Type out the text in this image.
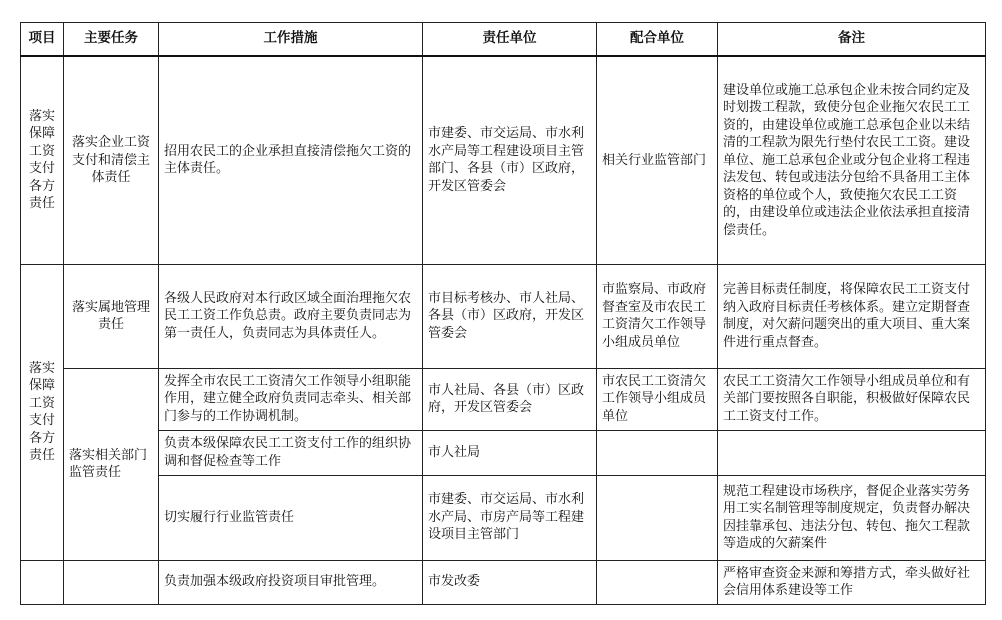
项目	主要任务	工作措施	责任单位	配合单位	备注
落实保障工资支付各方责任	落实企业工资支付和清偿主体责任	招用农民工的企业承担直接清偿拖欠工资的主体责任。	市建委、市交运局、市水利水产局等工程建设项目主管部门、各县（市）区政府，开发区管委会	相关行业监管部门	建设单位或施工总承包企业未按合同约定及时划拨工程款，致使分包企业拖欠农民工工资的，由建设单位或施工总承包企业以未结清的工程款为限先行垫付农民工工资。建设单位、施工总承包企业或分包企业将工程违法发包、转包或违法分包给不具备用工主体资格的单位或个人，致使拖欠农民工工资的，由建设单位或违法企业依法承担直接清偿责任。
落实保障工资支付各方责任	落实属地管理责任	各级人民政府对本行政区域全面治理拖欠农民工工资工作负总责。政府主要负责同志为第一责任人，负责同志为具体责任人。	市目标考核办、市人社局、各县（市）区政府，开发区管委会	市监察局、市政府督查室及市农民工工资清欠工作领导小组成员单位	完善目标责任制度，将保障农民工工资支付纳入政府目标责任考核体系。建立定期督查制度，对欠薪问题突出的重大项目、重大案件进行重点督查。
	落实相关部门监管责任	发挥全市农民工工资清欠工作领导小组职能作用，建立健全政府负责同志牵头、相关部门参与的工作协调机制。	市人社局、各县（市）区政府，开发区管委会	市农民工工资清欠工作领导小组成员单位	农民工工资清欠工作领导小组成员单位和有关部门要按照各自职能，积极做好保障农民工工资支付工作。
		负责本级保障农民工工资支付工作的组织协调和督促检查等工作	市人社局		
		切实履行行业监管责任	市建委、市交运局、市水利水产局、市房产局等工程建设项目主管部门		规范工程建设市场秩序，督促企业落实劳务用工实名制管理等制度规定，负责督办解决因挂靠承包、违法分包、转包、拖欠工程款等造成的欠薪案件
		负责加强本级政府投资项目审批管理。	市发改委		严格审查资金来源和筹措方式，牵头做好社会信用体系建设等工作
